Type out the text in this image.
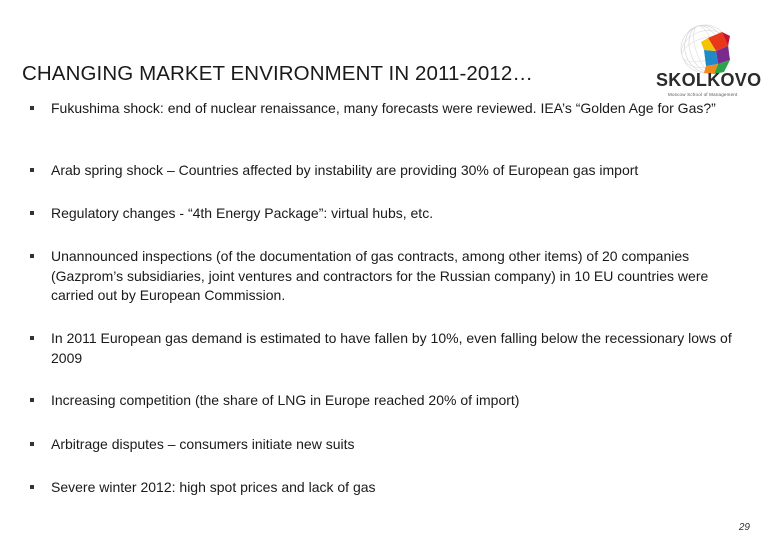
CHANGING MARKET ENVIRONMENT IN 2011-2012…	SKOLKOVO
Moscow School of Management
Fukushima shock: end of nuclear renaissance, many forecasts were reviewed. IEA’s “Golden Age for Gas?”
Arab spring shock – Countries affected by instability are providing 30% of European gas import
Regulatory changes - “4th Energy Package”: virtual hubs, etc.
Unannounced inspections (of the documentation of gas contracts, among other items) of 20 companies (Gazprom’s subsidiaries, joint ventures and contractors for the Russian company) in 10 EU countries were carried out by European Commission.
In 2011 European gas demand is estimated to have fallen by 10%, even falling below the recessionary lows of 2009
Increasing competition (the share of LNG in Europe reached 20% of import)
Arbitrage disputes – consumers initiate new suits
Severe winter 2012: high spot prices and lack of gas
29
